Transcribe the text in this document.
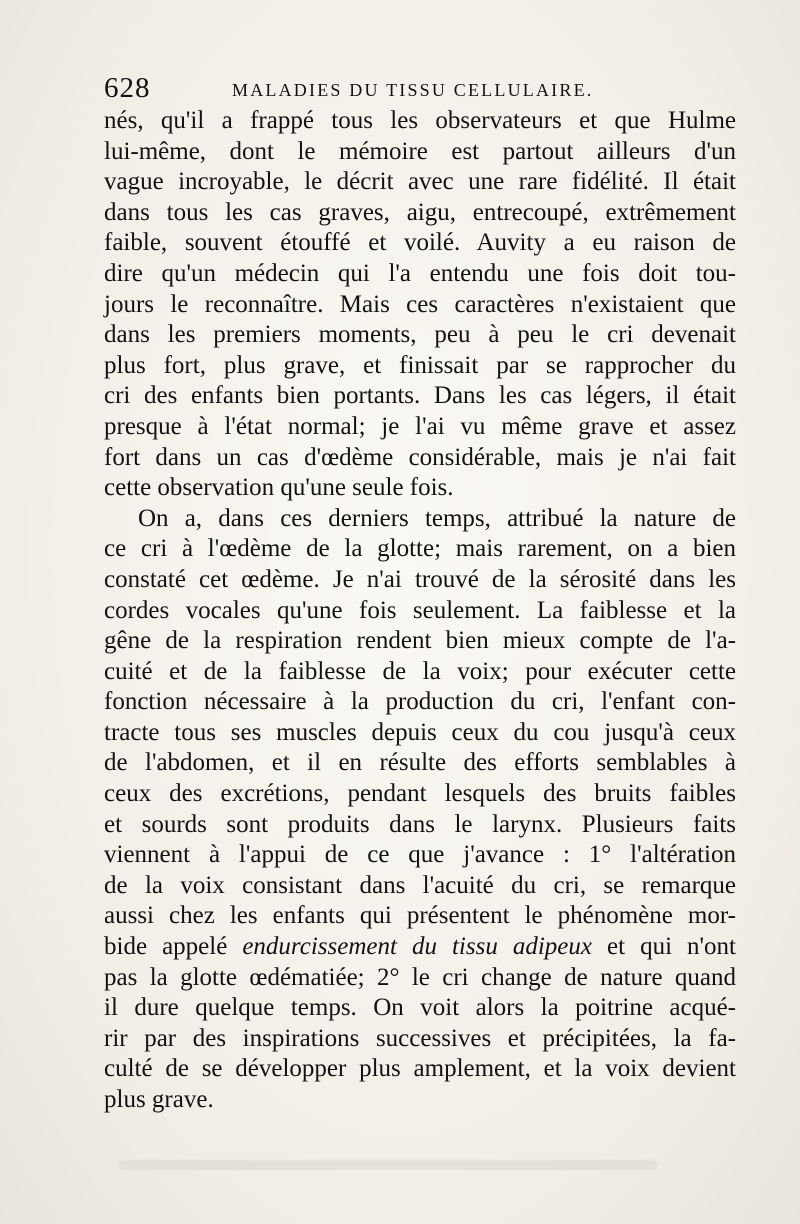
628	MALADIES DU TISSU CELLULAIRE.
nés, qu'il a frappé tous les observateurs et que Hulme
lui-même, dont le mémoire est partout ailleurs d'un
vague incroyable, le décrit avec une rare fidélité. Il était
dans tous les cas graves, aigu, entrecoupé, extrêmement
faible, souvent étouffé et voilé. Auvity a eu raison de
dire qu'un médecin qui l'a entendu une fois doit tou-
jours le reconnaître. Mais ces caractères n'existaient que
dans les premiers moments, peu à peu le cri devenait
plus fort, plus grave, et finissait par se rapprocher du
cri des enfants bien portants. Dans les cas légers, il était
presque à l'état normal; je l'ai vu même grave et assez
fort dans un cas d'œdème considérable, mais je n'ai fait
cette observation qu'une seule fois.
On a, dans ces derniers temps, attribué la nature de
ce cri à l'œdème de la glotte; mais rarement, on a bien
constaté cet œdème. Je n'ai trouvé de la sérosité dans les
cordes vocales qu'une fois seulement. La faiblesse et la
gêne de la respiration rendent bien mieux compte de l'a-
cuité et de la faiblesse de la voix; pour exécuter cette
fonction nécessaire à la production du cri, l'enfant con-
tracte tous ses muscles depuis ceux du cou jusqu'à ceux
de l'abdomen, et il en résulte des efforts semblables à
ceux des excrétions, pendant lesquels des bruits faibles
et sourds sont produits dans le larynx. Plusieurs faits
viennent à l'appui de ce que j'avance : 1° l'altération
de la voix consistant dans l'acuité du cri, se remarque
aussi chez les enfants qui présentent le phénomène mor-
bide appelé endurcissement du tissu adipeux et qui n'ont
pas la glotte œdématiée; 2° le cri change de nature quand
il dure quelque temps. On voit alors la poitrine acqué-
rir par des inspirations successives et précipitées, la fa-
culté de se développer plus amplement, et la voix devient
plus grave.
